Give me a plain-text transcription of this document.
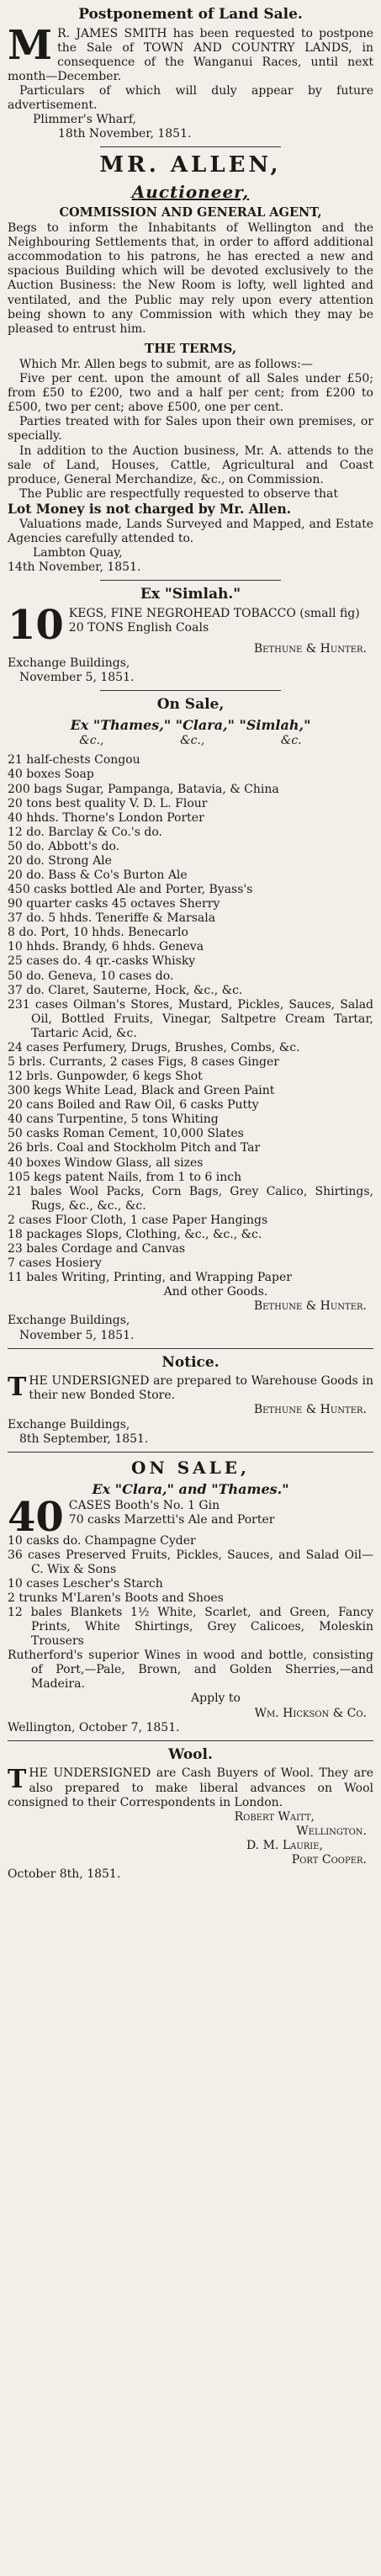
Postponement of Land Sale.

M R. JAMES SMITH has been requested to postpone the Sale of TOWN AND COUNTRY LANDS, in consequence of the Wanganui Races, until next month—December.

Particulars of which will duly appear by future advertisement.

Plimmer's Wharf,

18th November, 1851.

MR. ALLEN,
Auctioneer,
COMMISSION AND GENERAL AGENT,

Begs to inform the Inhabitants of Wellington and the Neighbouring Settlements that, in order to afford additional accommodation to his patrons, he has erected a new and spacious Building which will be devoted exclusively to the Auction Business: the New Room is lofty, well lighted and ventilated, and the Public may rely upon every attention being shown to any Commission with which they may be pleased to entrust him.

THE TERMS,

Which Mr. Allen begs to submit, are as follows:—

Five per cent. upon the amount of all Sales under £50; from £50 to £200, two and a half per cent; from £200 to £500, two per cent; above £500, one per cent.

Parties treated with for Sales upon their own premises, or specially.

In addition to the Auction business, Mr. A. attends to the sale of Land, Houses, Cattle, Agricultural and Coast produce, General Merchandize, &c., on Commission.

The Public are respectfully requested to observe that

Lot Money is not charged by Mr. Allen.

Valuations made, Lands Surveyed and Mapped, and Estate Agencies carefully attended to.

Lambton Quay,

14th November, 1851.

Ex "Simlah."

10 KEGS, FINE NEGROHEAD TOBACCO (small fig)

20 TONS English Coals

Bethune & Hunter.

Exchange Buildings,

November 5, 1851.

On Sale,
Ex "Thames," "Clara," "Simlah,"
&c.,	&c.,	&c.

21 half-chests Congou

40 boxes Soap

200 bags Sugar, Pampanga, Batavia, & China

20 tons best quality V. D. L. Flour

40 hhds. Thorne's London Porter

12 do. Barclay & Co.'s do.

50 do. Abbott's do.

20 do. Strong Ale

20 do. Bass & Co's Burton Ale

450 casks bottled Ale and Porter, Byass's

90 quarter casks 45 octaves Sherry

37 do. 5 hhds. Teneriffe & Marsala

8 do. Port, 10 hhds. Benecarlo

10 hhds. Brandy, 6 hhds. Geneva

25 cases do. 4 qr.-casks Whisky

50 do. Geneva, 10 cases do.

37 do. Claret, Sauterne, Hock, &c., &c.

231 cases Oilman's Stores, Mustard, Pickles, Sauces, Salad Oil, Bottled Fruits, Vinegar, Saltpetre Cream Tartar, Tartaric Acid, &c.

24 cases Perfumery, Drugs, Brushes, Combs, &c.

5 brls. Currants, 2 cases Figs, 8 cases Ginger

12 brls. Gunpowder, 6 kegs Shot

300 kegs White Lead, Black and Green Paint

20 cans Boiled and Raw Oil, 6 casks Putty

40 cans Turpentine, 5 tons Whiting

50 casks Roman Cement, 10,000 Slates

26 brls. Coal and Stockholm Pitch and Tar

40 boxes Window Glass, all sizes

105 kegs patent Nails, from 1 to 6 inch

21 bales Wool Packs, Corn Bags, Grey Calico, Shirtings, Rugs, &c., &c., &c.

2 cases Floor Cloth, 1 case Paper Hangings

18 packages Slops, Clothing, &c., &c., &c.

23 bales Cordage and Canvas

7 cases Hosiery

11 bales Writing, Printing, and Wrapping Paper

And other Goods.

Bethune & Hunter.

Exchange Buildings,

November 5, 1851.

Notice.

THE UNDERSIGNED are prepared to Warehouse Goods in their new Bonded Store.

Bethune & Hunter.

Exchange Buildings,

8th September, 1851.

ON SALE,
Ex "Clara," and "Thames."

40 CASES Booth's No. 1 Gin

70 casks Marzetti's Ale and Porter

10 casks do. Champagne Cyder

36 cases Preserved Fruits, Pickles, Sauces, and Salad Oil—C. Wix & Sons

10 cases Lescher's Starch

2 trunks M'Laren's Boots and Shoes

12 bales Blankets 1½ White, Scarlet, and Green, Fancy Prints, White Shirtings, Grey Calicoes, Moleskin Trousers

Rutherford's superior Wines in wood and bottle, consisting of Port,—Pale, Brown, and Golden Sherries,—and Madeira.

Apply to

Wm. Hickson & Co.

Wellington, October 7, 1851.

Wool.

THE UNDERSIGNED are Cash Buyers of Wool. They are also prepared to make liberal advances on Wool consigned to their Correspondents in London.

Robert Waitt,

Wellington.

D. M. Laurie,

Port Cooper.

October 8th, 1851.
